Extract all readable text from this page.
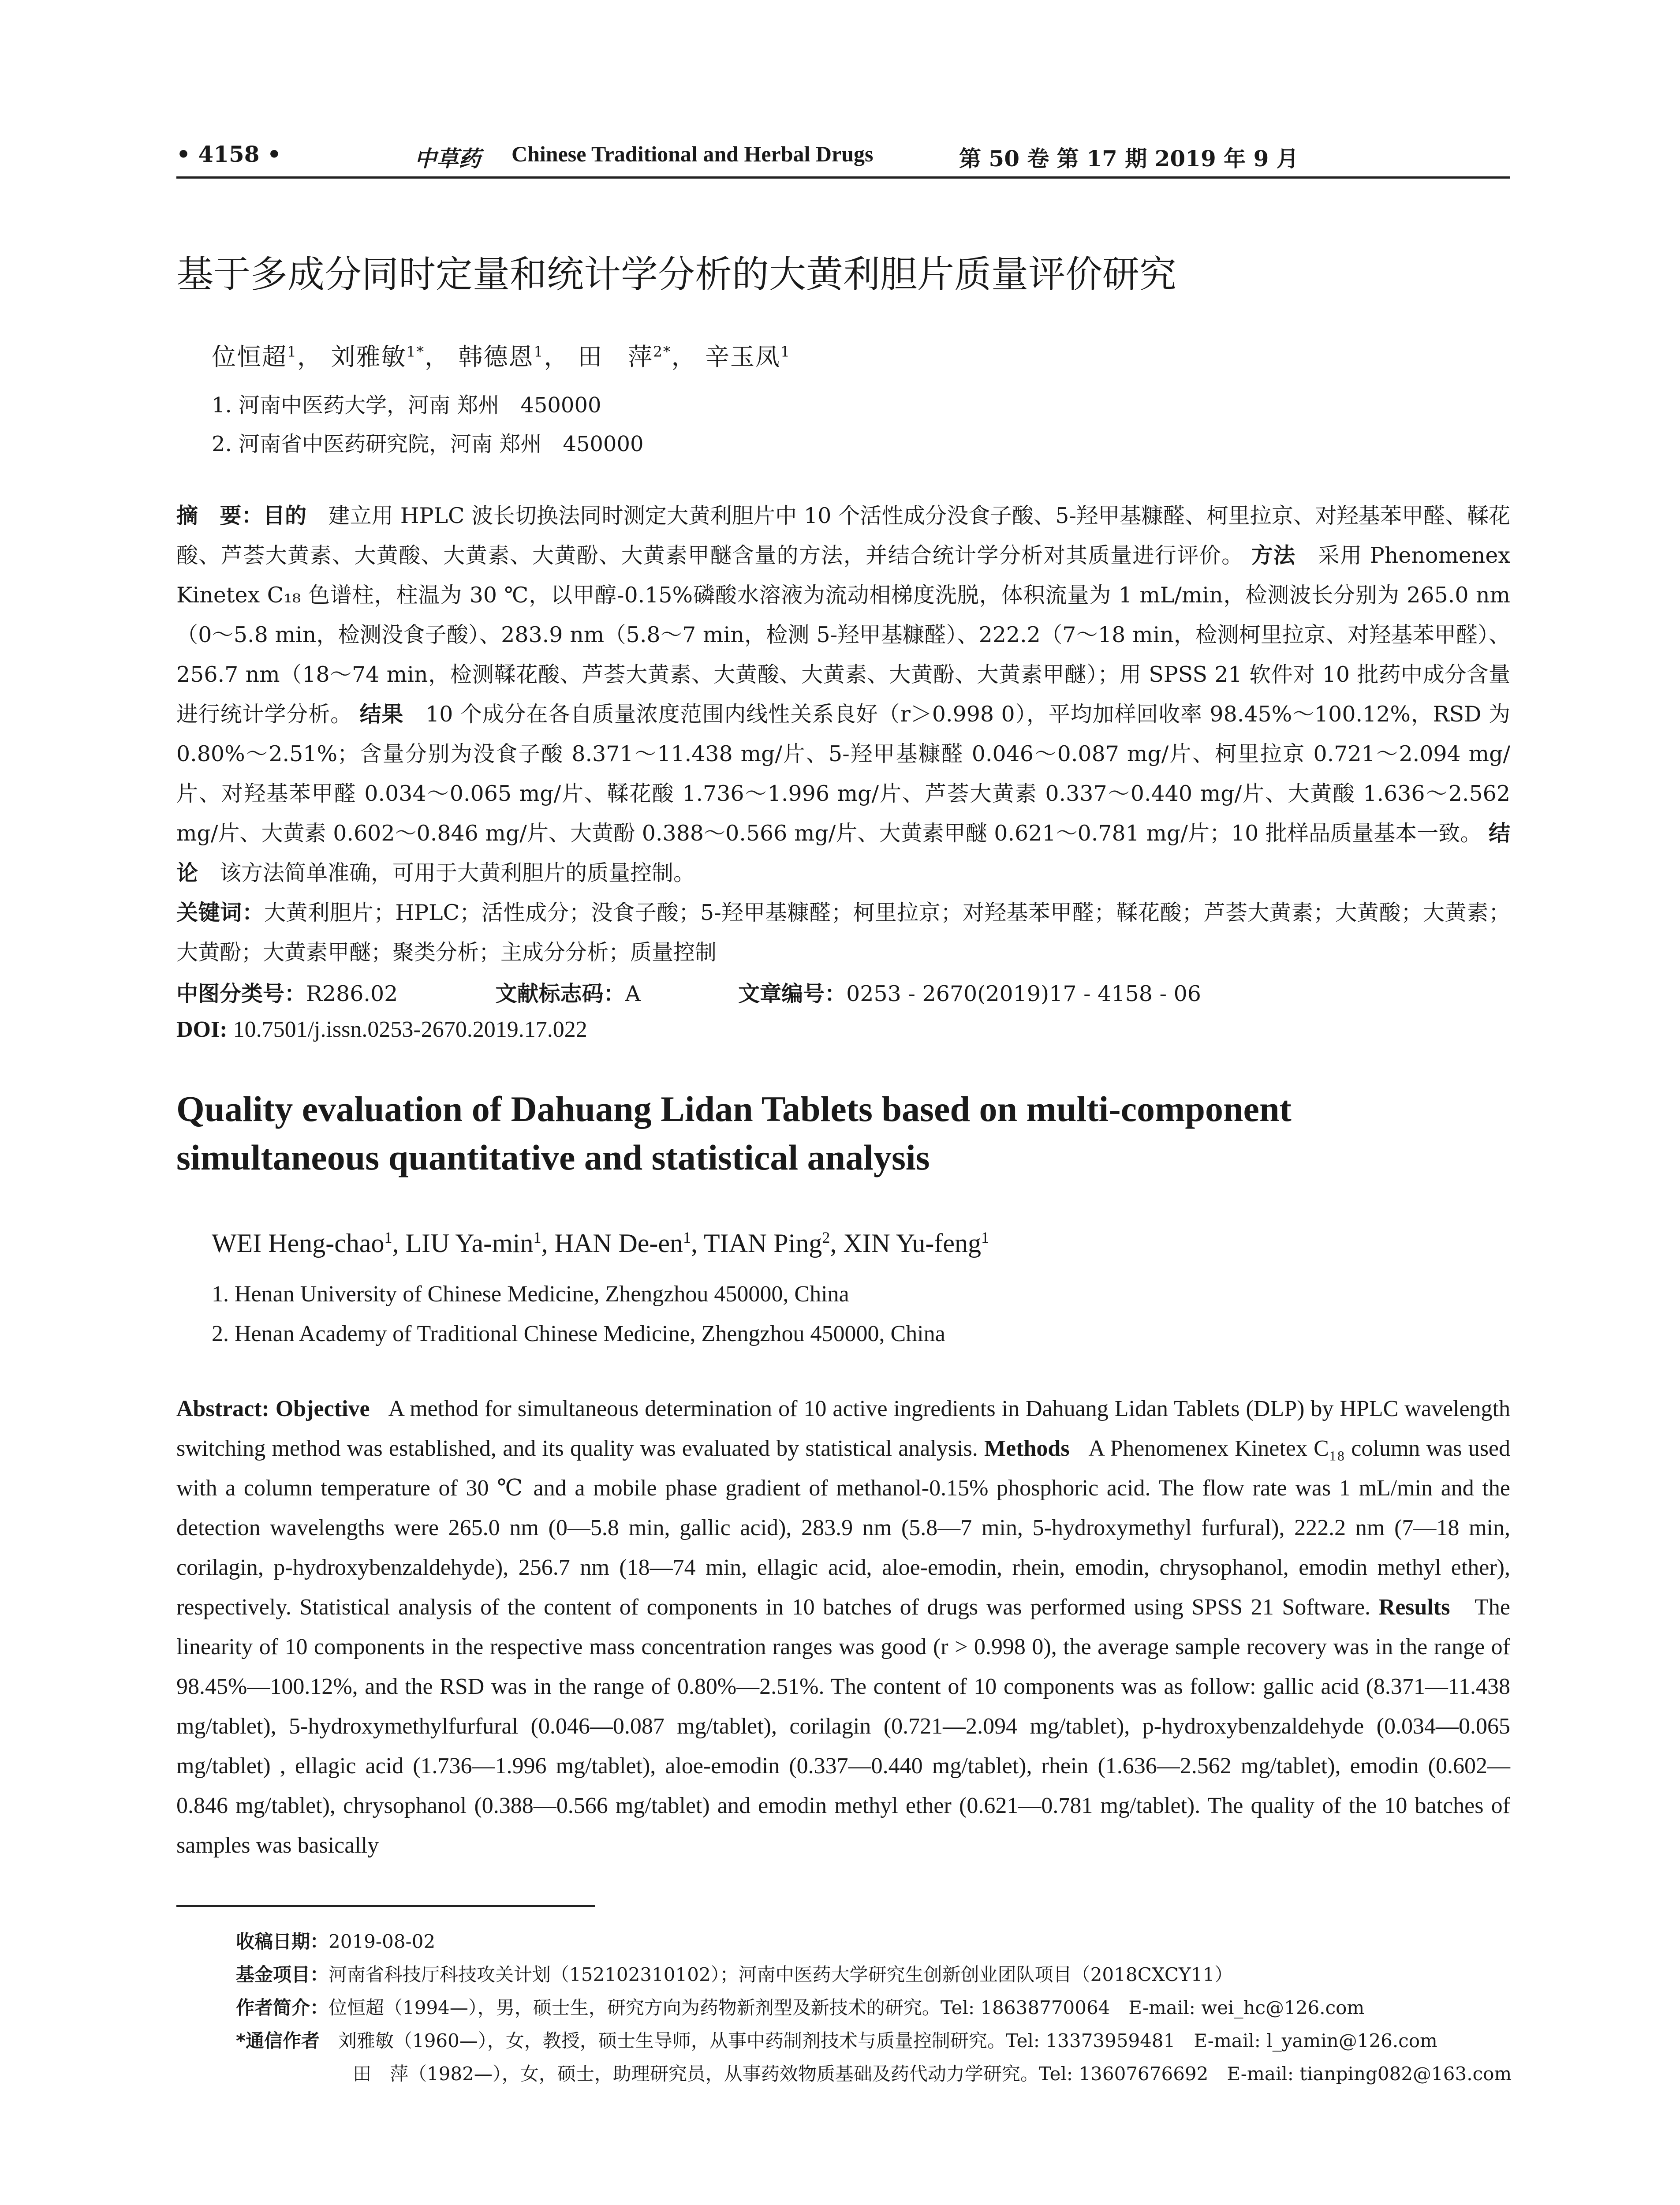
• 4158 •	中草药 Chinese Traditional and Herbal Drugs	第 50 卷 第 17 期 2019 年 9 月
基于多成分同时定量和统计学分析的大黄利胆片质量评价研究
位恒超$^1$， 刘雅敏$^{1*}$， 韩德恩$^1$， 田　萍$^{2*}$， 辛玉凤$^1$
1. 河南中医药大学，河南 郑州　450000
2. 河南省中医药研究院，河南 郑州　450000
摘　要：目的　 建立用 HPLC 波长切换法同时测定大黄利胆片中 10 个活性成分没食子酸、5-羟甲基糠醛、柯里拉京、对羟基苯甲醛、鞣花酸、芦荟大黄素、大黄酸、大黄素、大黄酚、大黄素甲醚含量的方法，并结合统计学分析对其质量进行评价。 方法　 采用 Phenomenex Kinetex C₁₈ 色谱柱，柱温为 30 ℃，以甲醇-0.15%磷酸水溶液为流动相梯度洗脱，体积流量为 1 mL/min，检测波长分别为 265.0 nm（0～5.8 min，检测没食子酸）、283.9 nm（5.8～7 min，检测 5-羟甲基糠醛）、222.2（7～18 min，检测柯里拉京、对羟基苯甲醛）、256.7 nm（18～74 min，检测鞣花酸、芦荟大黄素、大黄酸、大黄素、大黄酚、大黄素甲醚）；用 SPSS 21 软件对 10 批药中成分含量进行统计学分析。 结果　 10 个成分在各自质量浓度范围内线性关系良好（r＞0.998 0），平均加样回收率 98.45%～100.12%，RSD 为 0.80%～2.51%；含量分别为没食子酸 8.371～11.438 mg/片、5-羟甲基糠醛 0.046～0.087 mg/片、柯里拉京 0.721～2.094 mg/片、对羟基苯甲醛 0.034～0.065 mg/片、鞣花酸 1.736～1.996 mg/片、芦荟大黄素 0.337～0.440 mg/片、大黄酸 1.636～2.562 mg/片、大黄素 0.602～0.846 mg/片、大黄酚 0.388～0.566 mg/片、大黄素甲醚 0.621～0.781 mg/片；10 批样品质量基本一致。 结论　 该方法简单准确，可用于大黄利胆片的质量控制。
关键词：大黄利胆片；HPLC；活性成分；没食子酸；5-羟甲基糠醛；柯里拉京；对羟基苯甲醛；鞣花酸；芦荟大黄素；大黄酸；大黄素；大黄酚；大黄素甲醚；聚类分析；主成分分析；质量控制
中图分类号：R286.02	文献标志码：A	文章编号：0253 - 2670(2019)17 - 4158 - 06
DOI: 10.7501/j.issn.0253-2670.2019.17.022
Quality evaluation of Dahuang Lidan Tablets based on multi-component
simultaneous quantitative and statistical analysis
WEI Heng-chao$^1$, LIU $Ya-\min^1$, HAN $De-en^1$, TIAN Ping$^2$, XIN Yu-feng$^1$
1. Henan University of Chinese Medicine, Zhengzhou 450000, China
2. Henan Academy of Traditional Chinese Medicine, Zhengzhou 450000, China
Abstract: Objective A method for simultaneous determination of 10 active ingredients in Dahuang Lidan Tablets (DLP) by HPLC wavelength switching method was established, and its quality was evaluated by statistical analysis. Methods A Phenomenex Kinetex C₁₈ column was used with a column temperature of 30 ℃ and a mobile phase gradient of methanol-0.15% phosphoric acid. The flow rate was 1 mL/min and the detection wavelengths were 265.0 nm (0—5.8 min, gallic acid), 283.9 nm (5.8—7 min, 5-hydroxymethyl furfural), 222.2 nm (7—18 min, corilagin, p-hydroxybenzaldehyde), 256.7 nm (18—74 min, ellagic acid, aloe-emodin, rhein, emodin, chrysophanol, emodin methyl ether), respectively. Statistical analysis of the content of components in 10 batches of drugs was performed using SPSS 21 Software. Results The linearity of 10 components in the respective mass concentration ranges was good (r > 0.998 0), the average sample recovery was in the range of 98.45%—100.12%, and the RSD was in the range of 0.80%—2.51%. The content of 10 components was as follow: gallic acid (8.371—11.438 mg/tablet), 5-hydroxymethylfurfural (0.046—0.087 mg/tablet), corilagin (0.721—2.094 mg/tablet), p-hydroxybenzaldehyde (0.034—0.065 mg/tablet) , ellagic acid (1.736—1.996 mg/tablet), aloe-emodin (0.337—0.440 mg/tablet), rhein (1.636—2.562 mg/tablet), emodin (0.602—0.846 mg/tablet), chrysophanol (0.388—0.566 mg/tablet) and emodin methyl ether (0.621—0.781 mg/tablet). The quality of the 10 batches of samples was basically
收稿日期：2019-08-02
基金项目：河南省科技厅科技攻关计划（152102310102）；河南中医药大学研究生创新创业团队项目（2018CXCY11）
作者简介：位恒超（1994—），男，硕士生，研究方向为药物新剂型及新技术的研究。Tel: 18638770064　E-mail: wei_hc@126.com
*通信作者　 刘雅敏（1960—），女，教授，硕士生导师，从事中药制剂技术与质量控制研究。Tel: 13373959481　E-mail: l_yamin@126.com
田　萍（1982—），女，硕士，助理研究员，从事药效物质基础及药代动力学研究。Tel: 13607676692　E-mail: tianping082@163.com
